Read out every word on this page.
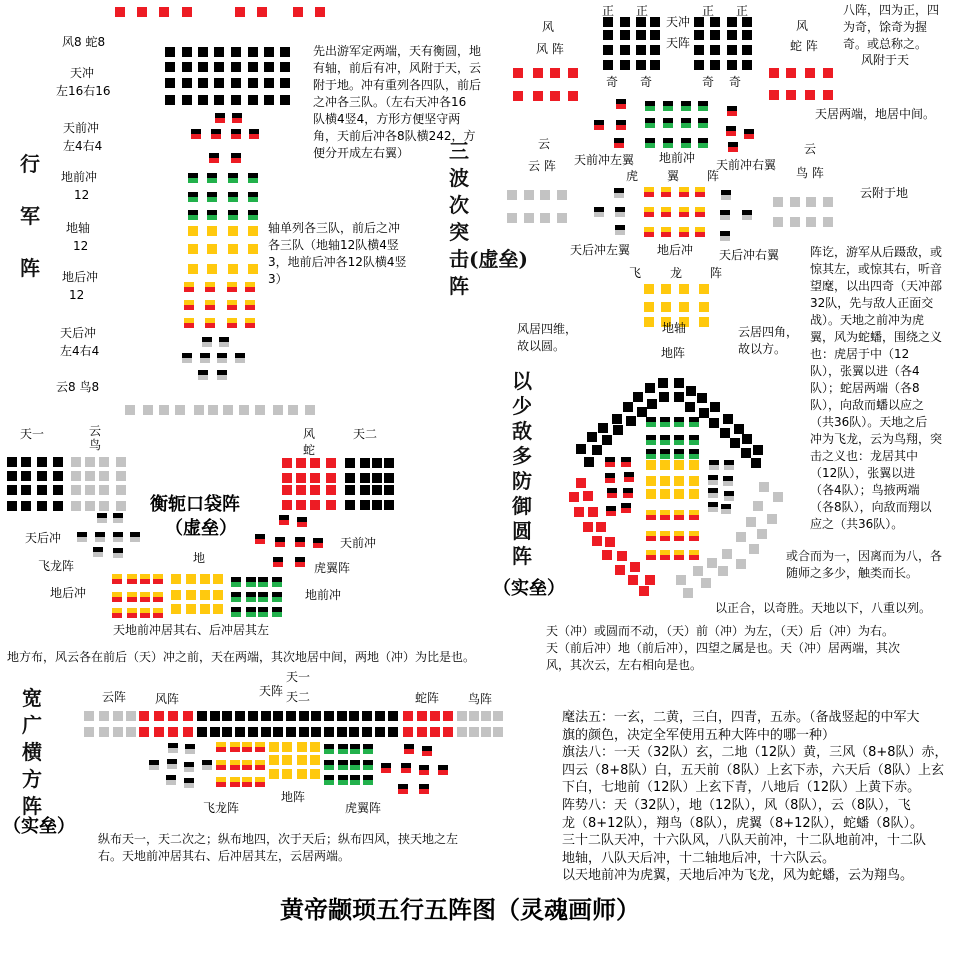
行
军
阵
风8 蛇8
天冲
左16右16
天前冲
左4右4
地前冲
12
地轴
12
地后冲
12
天后冲
左4右4
云8 鸟8
先出游军定两端，天有衡圆，地
有轴，前后有冲，风附于天，云
附于地。冲有重列各四队，前后
之冲各三队。（左右天冲各16
队横4竖4，方形方便坚守两
角，天前后冲各8队横242，方
便分开成左右翼）
轴单列各三队，前后之冲
各三队（地轴12队横4竖
3，地前后冲各12队横4竖
3）
三
波
次
突
击(虚垒)
阵
正 正	正 正
天冲
天阵
奇 奇	奇 奇
风
风 阵
风
蛇 阵
八阵，四为正，四
为奇，馀奇为握
奇。或总称之。
风附于天
天居两端，地居中间。
云
云 阵
云
鸟 阵
天前冲左翼 地前冲 天前冲右翼
虎 翼 阵
云附于地
天后冲左翼 地后冲 天后冲右翼
飞 龙 阵
风居四维，
故以圆。
地轴
地阵
云居四角，
故以方。
以
少
敌
多
防
御
圆
阵
（实垒）
阵讫，游军从后蹑敌，或
惊其左，或惊其右，听音
望麾，以出四奇（天冲部
32队，先与敌人正面交
战）。天地之前冲为虎
翼，风为蛇蟠，围绕之义
也：虎居于中（12
队），张翼以进（各4
队）；蛇居两端（各8
队），向敌而蟠以应之
（共36队）。天地之后
冲为飞龙，云为鸟翔，突
击之义也：龙居其中
（12队），张翼以进
（各4队）；鸟掖两端
（各8队），向敌而翔以
应之（共36队）。
或合而为一，因离而为八，各
随师之多少，触类而长。
以正合，以奇胜。天地以下，八重以列。
天（冲）或圆而不动，（天）前（冲）为左，（天）后（冲）为右。
天（前后冲）地（前后冲），四望之属是也。天（冲）居两端，其次
风，其次云，左右相向是也。
衡轭口袋阵
（虚垒）
天一	云
鸟
风
蛇
天二
天后冲
飞龙阵
地后冲
地
天前冲
虎翼阵
地前冲
天地前冲居其右、后冲居其左
地方布，风云各在前后（天）冲之前，天在两端，其次地居中间，两地（冲）为比是也。
宽
广
横
方
阵
（实垒）
云阵 风阵
天阵
天一
天二	蛇阵 鸟阵
地阵
飞龙阵	虎翼阵
纵布天一，天二次之；纵布地四，次于天后；纵布四风，挟天地之左
右。天地前冲居其右、后冲居其左，云居两端。
麾法五：一玄，二黄，三白，四青，五赤。（备战竖起的中军大
旗的颜色，决定全军使用五种大阵中的哪一种）
旗法八：一天（32队）玄，二地（12队）黄，三风（8+8队）赤，
四云（8+8队）白，五天前（8队）上玄下赤，六天后（8队）上玄
下白，七地前（12队）上玄下青，八地后（12队）上黄下赤。
阵势八：天（32队），地（12队），风（8队），云（8队），飞
龙（8+12队），翔鸟（8队），虎翼（8+12队），蛇蟠（8队）。
三十二队天冲，十六队风，八队天前冲，十二队地前冲，十二队
地轴，八队天后冲，十二轴地后冲，十六队云。
以天地前冲为虎翼，天地后冲为飞龙，风为蛇蟠，云为翔鸟。
黄帝颛顼五行五阵图（灵魂画师）
